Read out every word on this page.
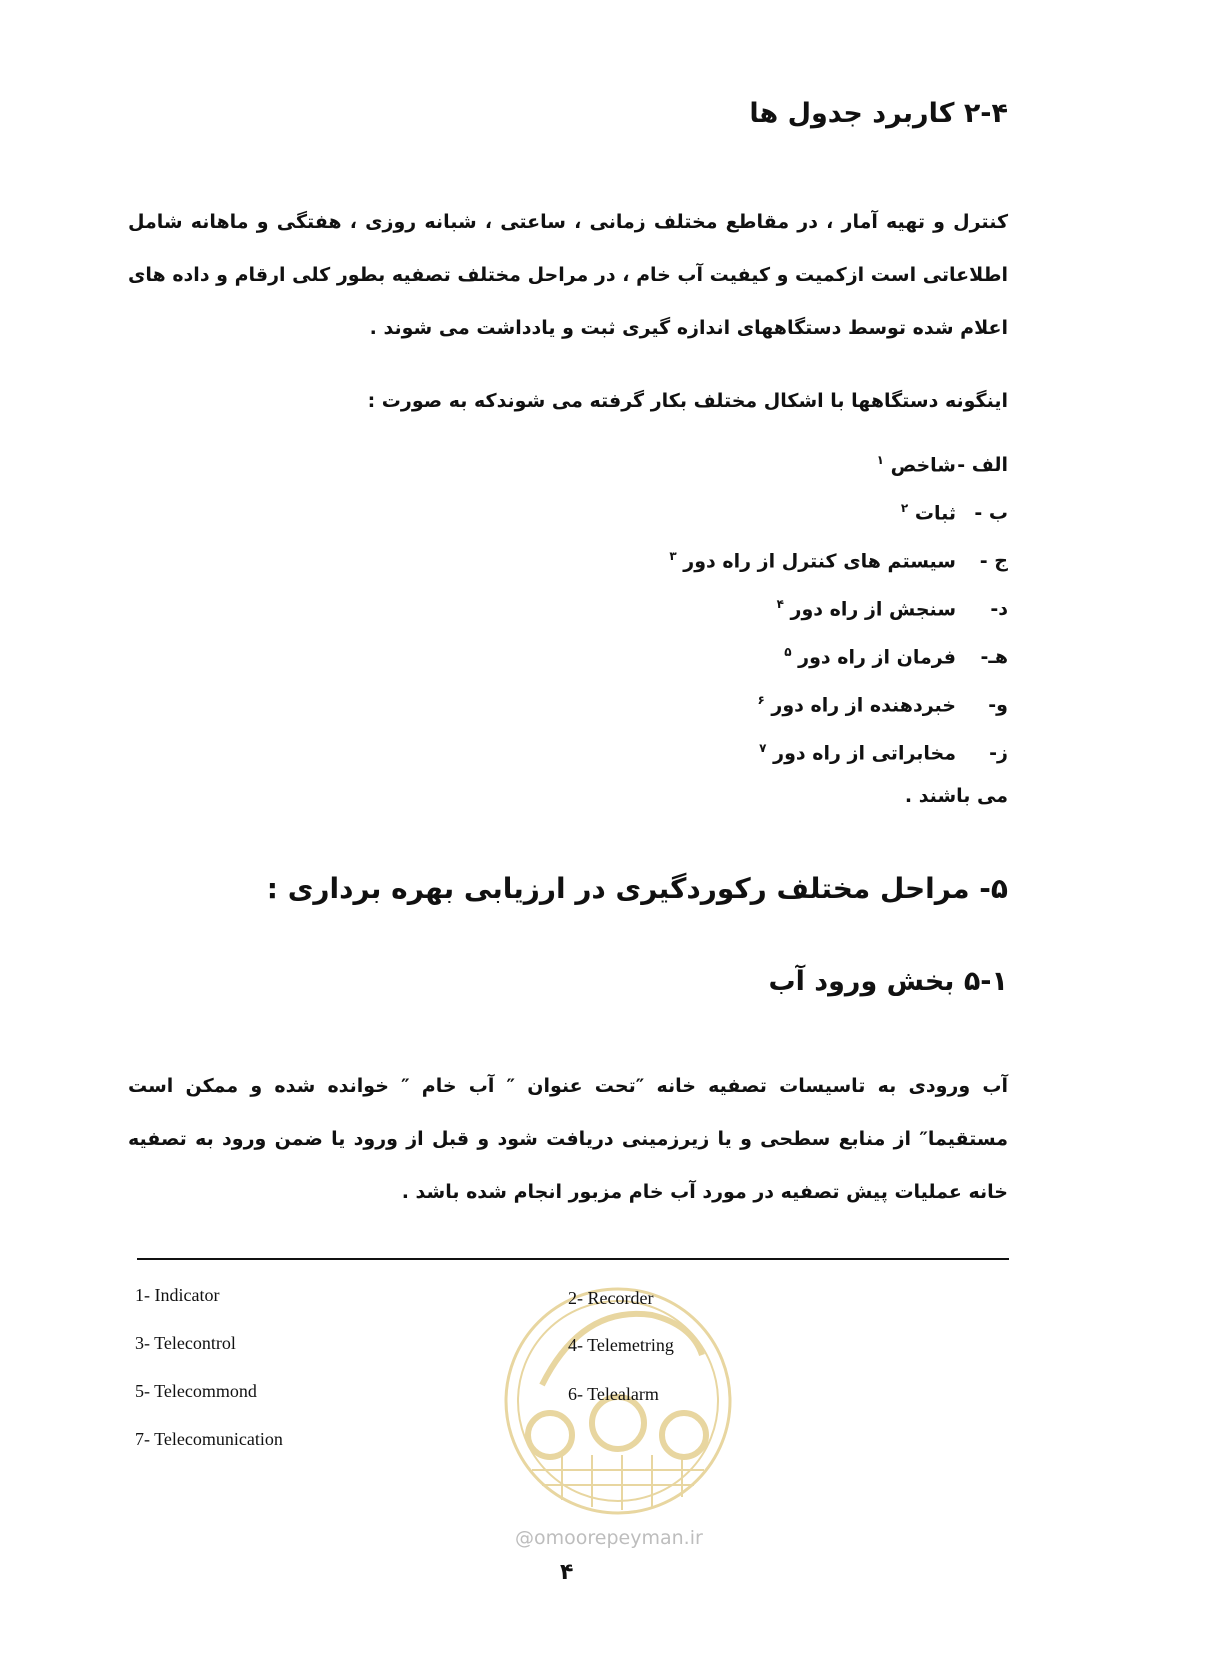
۲-۴ کاربرد جدول ها
کنترل و تهیه آمار ، در مقاطع مختلف زمانی ، ساعتی ، شبانه روزی ، هفتگی و ماهانه شامل اطلاعاتی است ازکمیت و کیفیت آب خام ، در مراحل مختلف تصفیه بطور کلی ارقام و داده های اعلام شده توسط دستگاههای اندازه گیری ثبت و یادداشت می شوند .
اینگونه دستگاهها با اشکال مختلف بکار گرفته می شوندکه به صورت :
الف -شاخص $^۱$
ب -ثبات $^۲$
ج -سیستم های کنترل از راه دور $^۳$
د-سنجش از راه دور $^۴$
هـ-فرمان از راه دور $^۵$
و-خبردهنده از راه دور $^۶$
ز-مخابراتی از راه دور $^۷$
می باشند .
۵- مراحل مختلف رکوردگیری در ارزیابی بهره برداری :
۵-۱ بخش ورود آب
آب ورودی به تاسیسات تصفیه خانه ″تحت عنوان ″ آب خام ″ خوانده شده و ممکن است مستقیما″ از منابع سطحی و یا زیرزمینی دریافت شود و قبل از ورود یا ضمن ورود به تصفیه خانه عملیات پیش تصفیه در مورد آب خام مزبور انجام شده باشد .
1- Indicator	2- Recorder
3- Telecontrol	4- Telemetring
5- Telecommond	6- Telealarm
7- Telecomunication
@omoorepeyman.ir
۴
